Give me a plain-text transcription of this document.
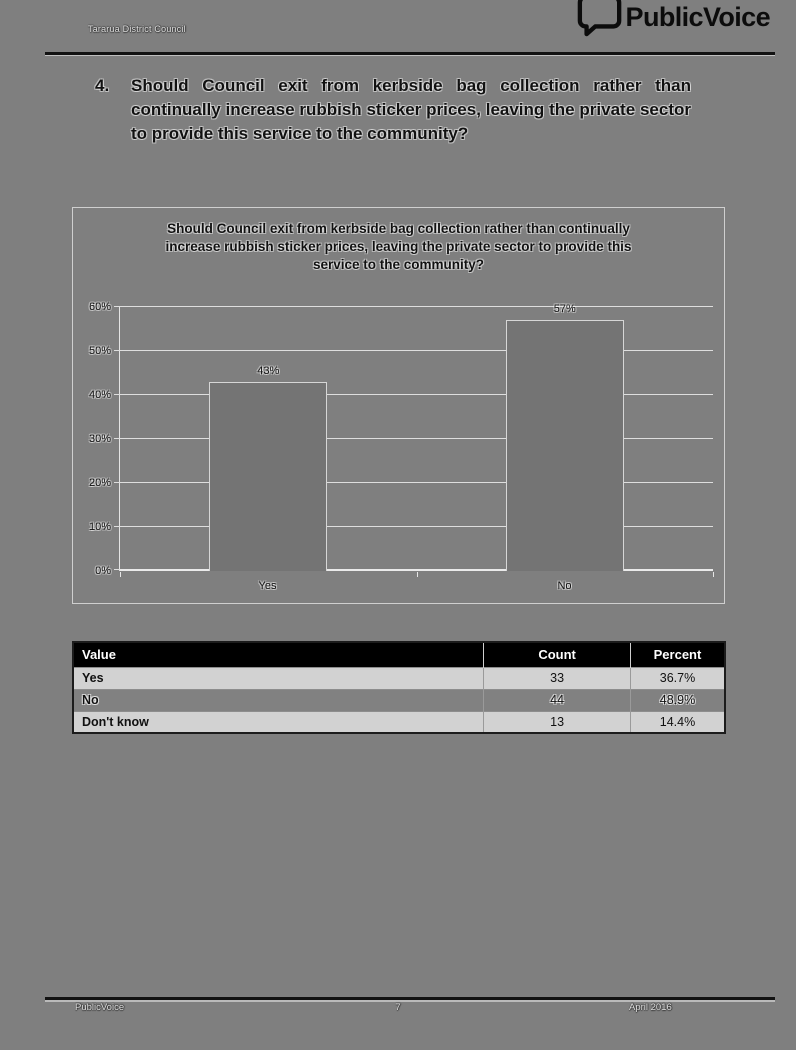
Tararua District Council	PublicVoice
4. Should Council exit from kerbside bag collection rather than continually increase rubbish sticker prices, leaving the private sector to provide this service to the community?
Should Council exit from kerbside bag collection rather than continually increase rubbish sticker prices, leaving the private sector to provide this service to the community?
0%
10%
20%
30%
40%
50%
60%
43%
57%
Yes	No
Value	Count	Percent
Yes	33	36.7%
No	44	48.9%
Don't know	13	14.4%
PublicVoice	7	April 2016
